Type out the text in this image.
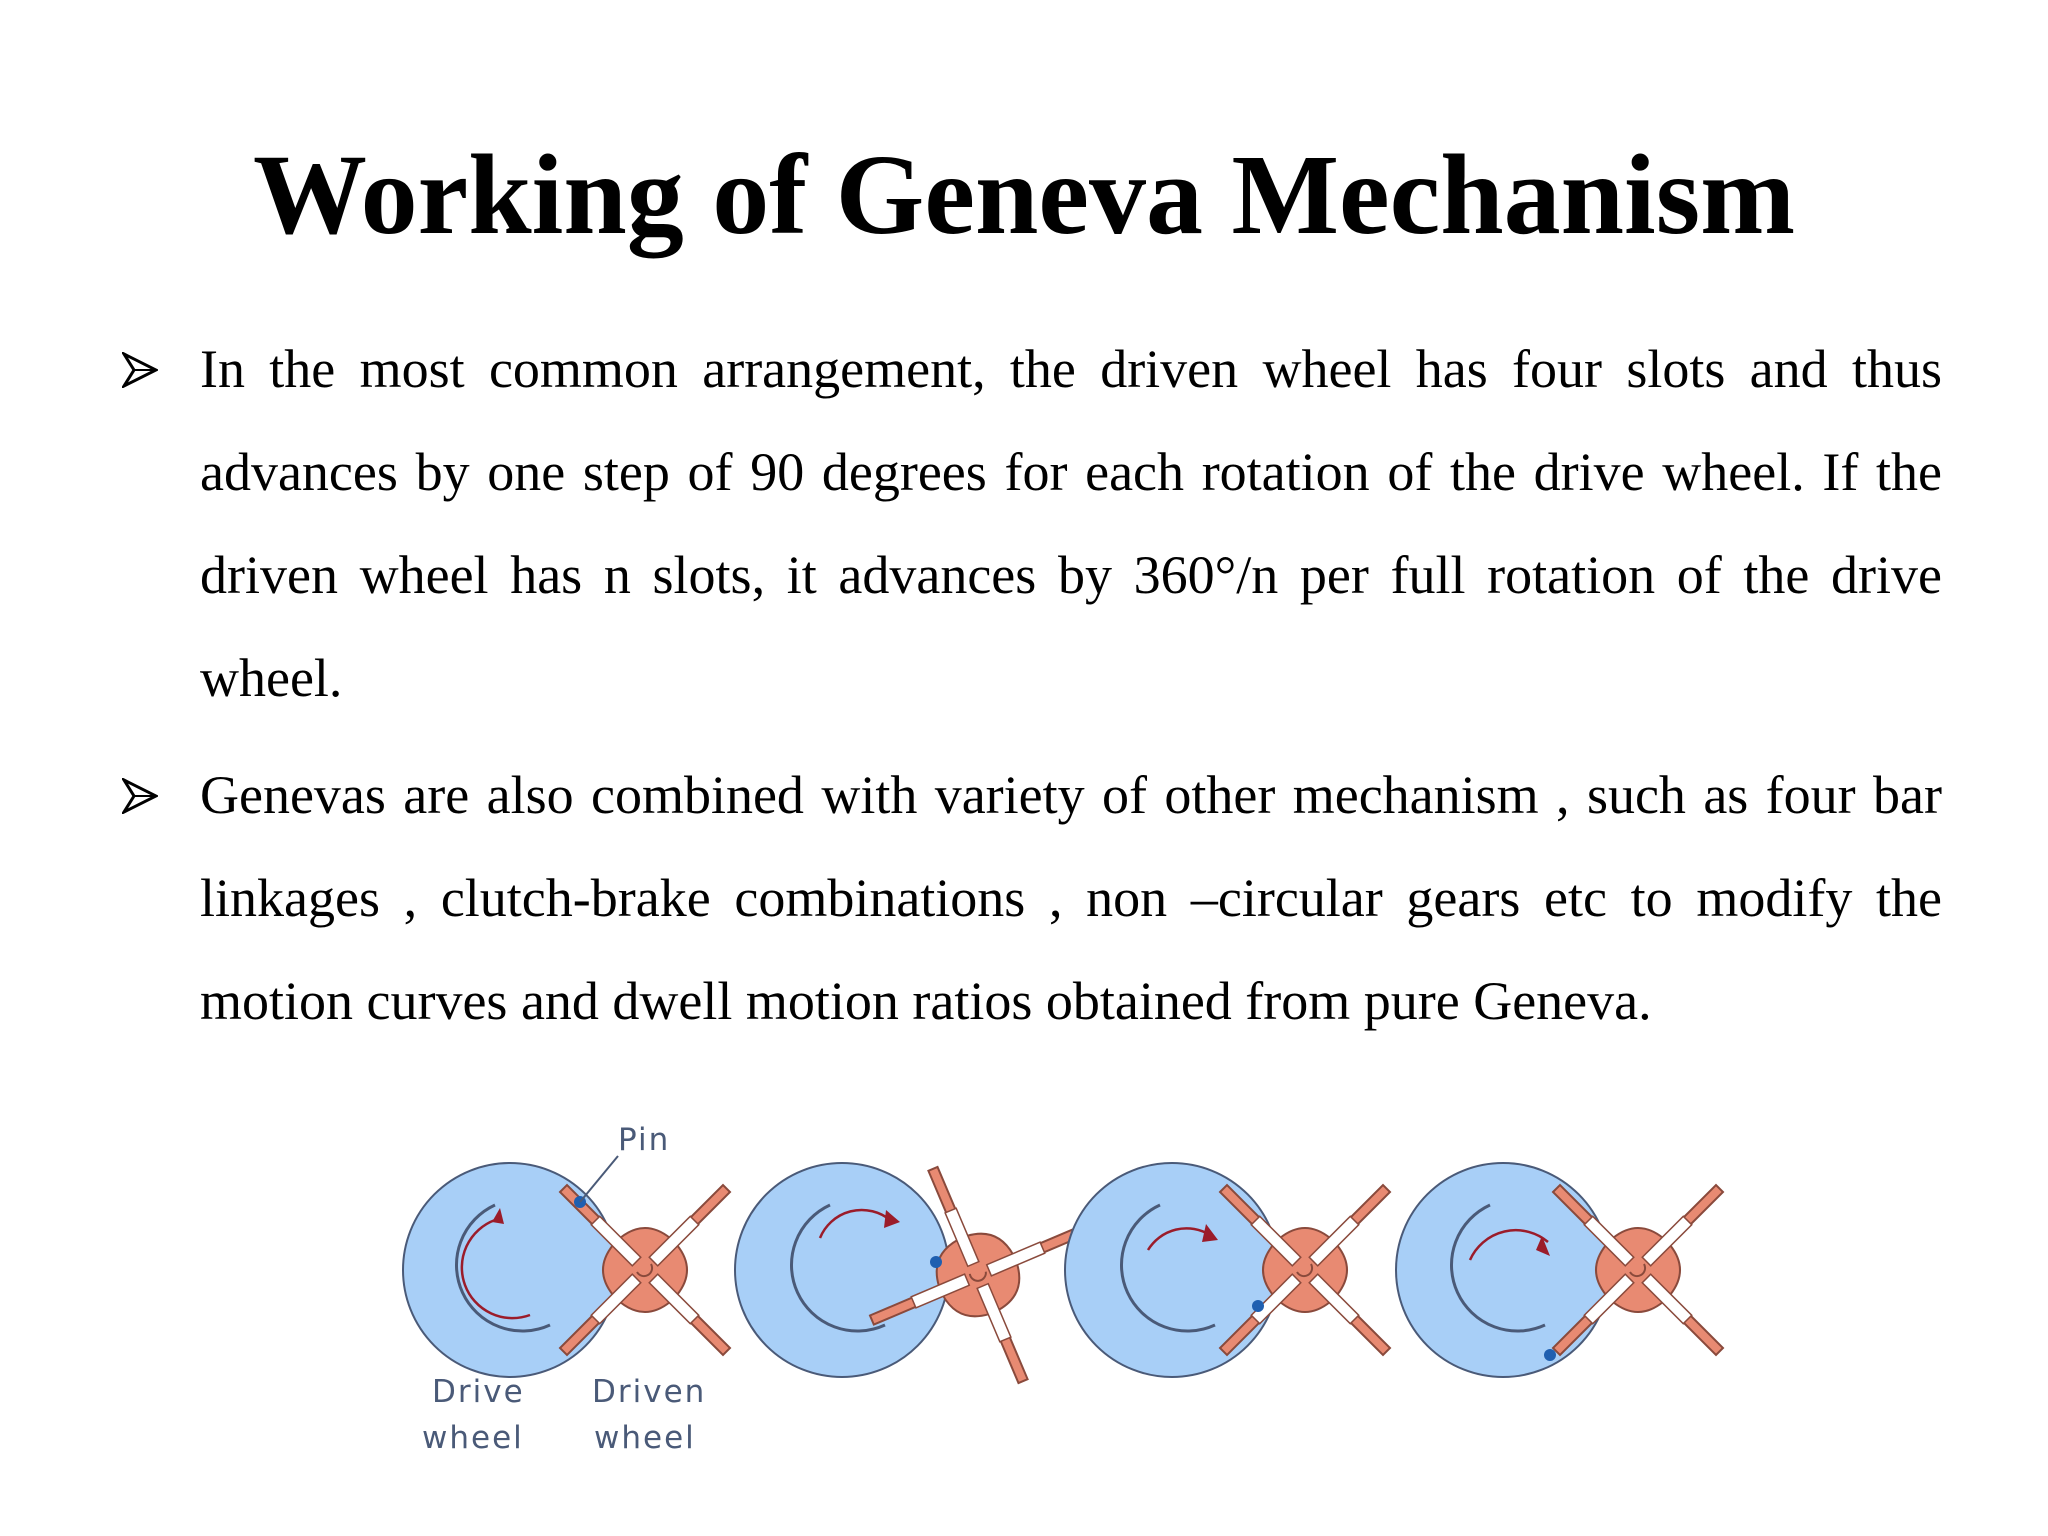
Working of Geneva Mechanism
In the most common arrangement, the driven wheel has four slots and thus advances by one step of 90 degrees for each rotation of the drive wheel. If the driven wheel has n slots, it advances by 360°/n per full rotation of the drive wheel.
Genevas are also combined with variety of other mechanism , such as four bar linkages , clutch-brake combinations , non –circular gears etc to modify the motion curves and dwell motion ratios obtained from pure Geneva.
Pin
Drive
wheel
Driven
wheel
